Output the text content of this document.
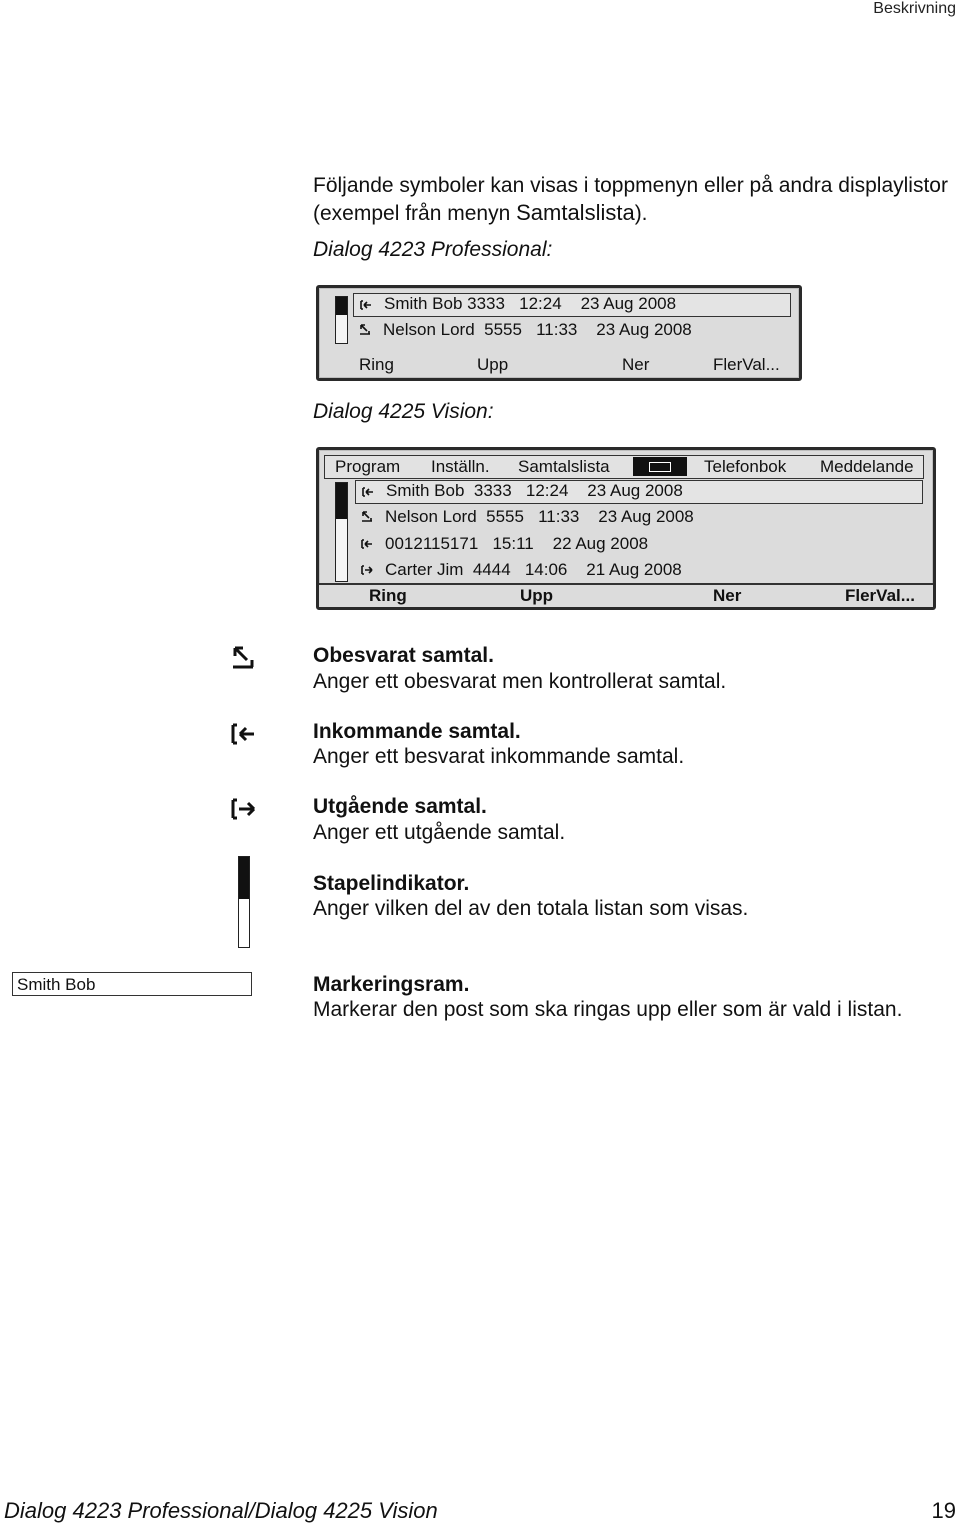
Beskrivning
Följande symboler kan visas i toppmenyn eller på andra displaylistor
(exempel från menyn Samtalslista).
Dialog 4223 Professional:
Smith Bob 3333   12:24    23 Aug 2008
Nelson Lord  5555   11:33    23 Aug 2008
Ring	Upp	Ner	FlerVal...
Dialog 4225 Vision:
Program Inställn. Samtalslista	Telefonbok Meddelande
Smith Bob  3333   12:24    23 Aug 2008
Nelson Lord  5555   11:33    23 Aug 2008
0012115171   15:11    22 Aug 2008
Carter Jim  4444   14:06    21 Aug 2008
Ring	Upp	Ner	FlerVal...
Obesvarat samtal.
Anger ett obesvarat men kontrollerat samtal.
Inkommande samtal.
Anger ett besvarat inkommande samtal.
Utgående samtal.
Anger ett utgående samtal.
Stapelindikator.
Anger vilken del av den totala listan som visas.
Smith Bob	Markeringsram.
Markerar den post som ska ringas upp eller som är vald i listan.
Dialog 4223 Professional/Dialog 4225 Vision	19
